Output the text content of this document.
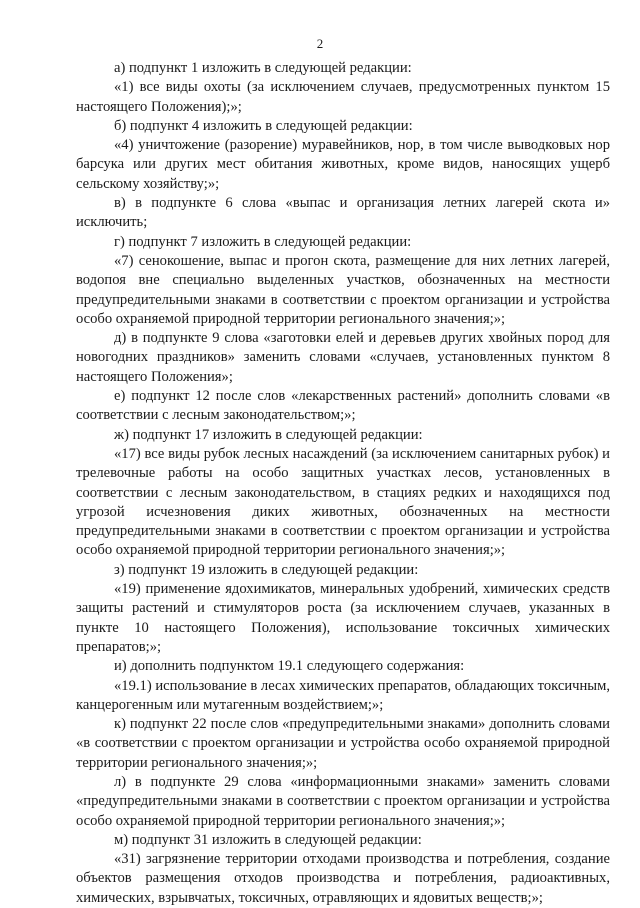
2

а) подпункт 1 изложить в следующей редакции:

«1) все виды охоты (за исключением случаев, предусмотренных пунктом 15 настоящего Положения);»;

б) подпункт 4 изложить в следующей редакции:

«4) уничтожение (разорение) муравейников, нор, в том числе выводковых нор барсука или других мест обитания животных, кроме видов, наносящих ущерб сельскому хозяйству;»;

в) в подпункте 6 слова «выпас и организация летних лагерей скота и» исключить;

г) подпункт 7 изложить в следующей редакции:

«7) сенокошение, выпас и прогон скота, размещение для них летних лагерей, водопоя вне специально выделенных участков, обозначенных на местности предупредительными знаками в соответствии с проектом организации и устройства особо охраняемой природной территории регионального значения;»;

д) в подпункте 9 слова «заготовки елей и деревьев других хвойных пород для новогодних праздников» заменить словами «случаев, установленных пунктом 8 настоящего Положения»;

е) подпункт 12 после слов «лекарственных растений» дополнить словами «в соответствии с лесным законодательством;»;

ж) подпункт 17 изложить в следующей редакции:

«17) все виды рубок лесных насаждений (за исключением санитарных рубок) и трелевочные работы на особо защитных участках лесов, установленных в соответствии с лесным законодательством, в стациях редких и находящихся под угрозой исчезновения диких животных, обозначенных на местности предупредительными знаками в соответствии с проектом организации и устройства особо охраняемой природной территории регионального значения;»;

з) подпункт 19 изложить в следующей редакции:

«19) применение ядохимикатов, минеральных удобрений, химических средств защиты растений и стимуляторов роста (за исключением случаев, указанных в пункте 10 настоящего Положения), использование токсичных химических препаратов;»;

и) дополнить подпунктом 19.1 следующего содержания:

«19.1) использование в лесах химических препаратов, обладающих токсичным, канцерогенным или мутагенным воздействием;»;

к) подпункт 22 после слов «предупредительными знаками» дополнить словами «в соответствии с проектом организации и устройства особо охраняемой природной территории регионального значения;»;

л) в подпункте 29 слова «информационными знаками» заменить словами «предупредительными знаками в соответствии с проектом организации и устройства особо охраняемой природной территории регионального значения;»;

м) подпункт 31 изложить в следующей редакции:

«31) загрязнение территории отходами производства и потребления, создание объектов размещения отходов производства и потребления, радиоактивных, химических, взрывчатых, токсичных, отравляющих и ядовитых веществ;»;
